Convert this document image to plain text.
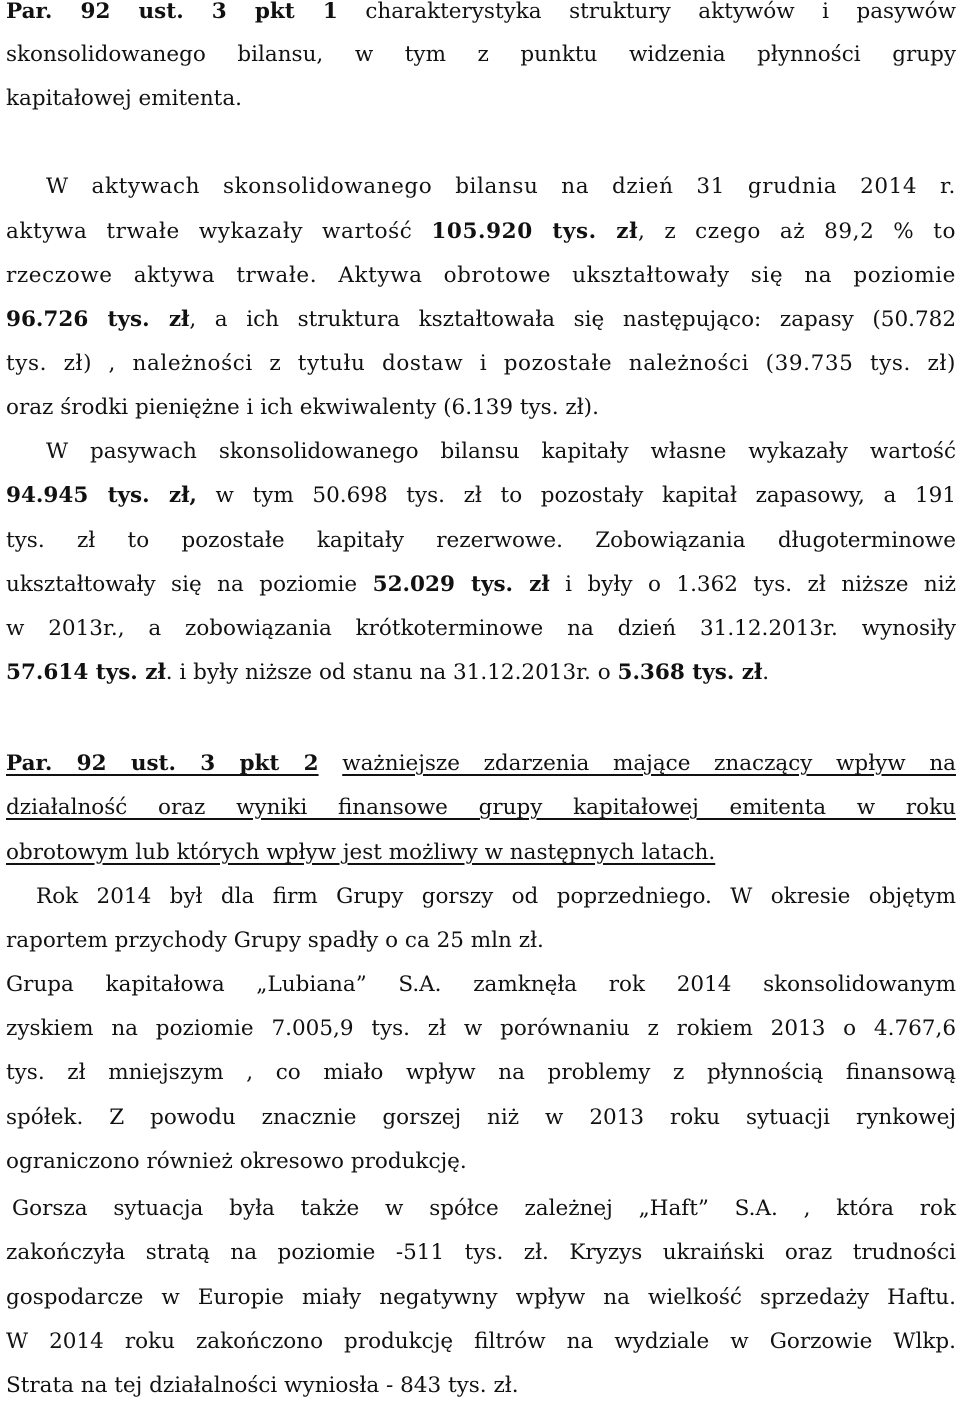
Par. 92 ust. 3 pkt 1 charakterystyka struktury aktywów i pasywów
skonsolidowanego bilansu, w tym z punktu widzenia płynności grupy
kapitałowej emitenta.
W aktywach skonsolidowanego bilansu na dzień 31 grudnia 2014 r.
aktywa trwałe wykazały wartość 105.920 tys. zł, z czego aż 89,2 % to
rzeczowe aktywa trwałe. Aktywa obrotowe ukształtowały się na poziomie
96.726 tys. zł, a ich struktura kształtowała się następująco: zapasy (50.782
tys. zł) , należności z tytułu dostaw i pozostałe należności (39.735 tys. zł)
oraz środki pieniężne i ich ekwiwalenty (6.139 tys. zł).
W pasywach skonsolidowanego bilansu kapitały własne wykazały wartość
94.945 tys. zł, w tym 50.698 tys. zł to pozostały kapitał zapasowy, a 191
tys. zł to pozostałe kapitały rezerwowe. Zobowiązania długoterminowe
ukształtowały się na poziomie 52.029 tys. zł i były o 1.362 tys. zł niższe niż
w 2013r., a zobowiązania krótkoterminowe na dzień 31.12.2013r. wynosiły
57.614 tys. zł. i były niższe od stanu na 31.12.2013r. o 5.368 tys. zł.
Par. 92 ust. 3 pkt 2 ważniejsze zdarzenia mające znaczący wpływ na
działalność oraz wyniki finansowe grupy kapitałowej emitenta w roku
obrotowym lub których wpływ jest możliwy w następnych latach.
Rok 2014 był dla firm Grupy gorszy od poprzedniego. W okresie objętym
raportem przychody Grupy spadły o ca 25 mln zł.
Grupa kapitałowa „Lubiana” S.A. zamknęła rok 2014 skonsolidowanym
zyskiem na poziomie 7.005,9 tys. zł w porównaniu z rokiem 2013 o 4.767,6
tys. zł mniejszym , co miało wpływ na problemy z płynnością finansową
spółek. Z powodu znacznie gorszej niż w 2013 roku sytuacji rynkowej
ograniczono również okresowo produkcję.
Gorsza sytuacja była także w spółce zależnej „Haft” S.A. , która rok
zakończyła stratą na poziomie -511 tys. zł. Kryzys ukraiński oraz trudności
gospodarcze w Europie miały negatywny wpływ na wielkość sprzedaży Haftu.
W 2014 roku zakończono produkcję filtrów na wydziale w Gorzowie Wlkp.
Strata na tej działalności wyniosła - 843 tys. zł.
